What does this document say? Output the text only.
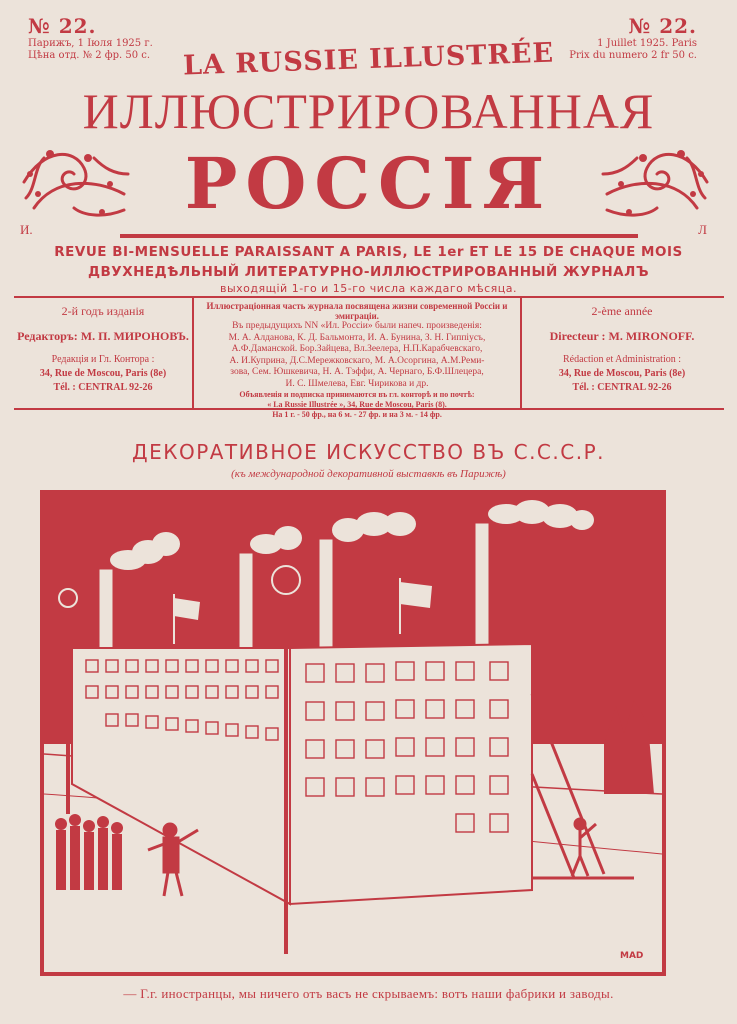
№ 22.
Парижъ, 1 Іюля 1925 г.
Цѣна отд. № 2 фр. 50 с.
№ 22.
1 Juillet 1925. Paris
Prix du numero 2 fr 50 c.
LA RUSSIE ILLUSTRÉE
ИЛЛЮСТРИРОВАННАЯ
И.	Л
РОССІЯ
REVUE BI-MENSUELLE PARAISSANT A PARIS, LE 1er ET LE 15 DE CHAQUE MOIS
ДВУХНЕДѢЛЬНЫЙ ЛИТЕРАТУРНО-ИЛЛЮСТРИРОВАННЫЙ ЖУРНАЛЪ
выходящій 1-го и 15-го числа каждаго мѣсяца.
2-й годъ изданія
Редакторъ: М. П. МИРОНОВЪ.
Редакція и Гл. Контора :
34, Rue de Moscou, Paris (8e)
Tél. : CENTRAL 92-26
Иллюстраціонная часть журнала посвящена жизни современной Россіи и эмиграціи.
Въ предыдущихъ NN «Ил. Россіи» были напеч. произведенія:
М. А. Алданова, К. Д. Бальмонта, И. А. Бунина, З. Н. Гиппіусъ,
А.Ф.Даманской. Бор.Зайцева, Вл.Зеелера, Н.П.Карабчевскаго,
А. И.Куприна, Д.С.Мережковскаго, М. А.Осоргина, А.М.Реми-
зова, Сем. Юшкевича, Н. А. Тэффи, А. Чернаго, Б.Ф.Шлецера,
И. С. Шмелева, Евг. Чирикова и др.
Объявленія и подписка принимаются въ гл. конторѣ и по почтѣ:
« La Russie Illustrée », 34, Rue de Moscou, Paris (8).
На 1 г. - 50 фр., на 6 м. - 27 фр. и на 3 м. - 14 фр.
2-ème année
Directeur : M. MIRONOFF.
Rédaction et Administration :
34, Rue de Moscou, Paris (8e)
Tél. : CENTRAL 92-26
ДЕКОРАТИВНОЕ ИСКУССТВО ВЪ С.С.С.Р.
(къ международной декоративной выставкѣ въ Парижѣ)
MAD
— Г.г. иностранцы, мы ничего отъ васъ не скрываемъ: вотъ наши фабрики и заводы.
